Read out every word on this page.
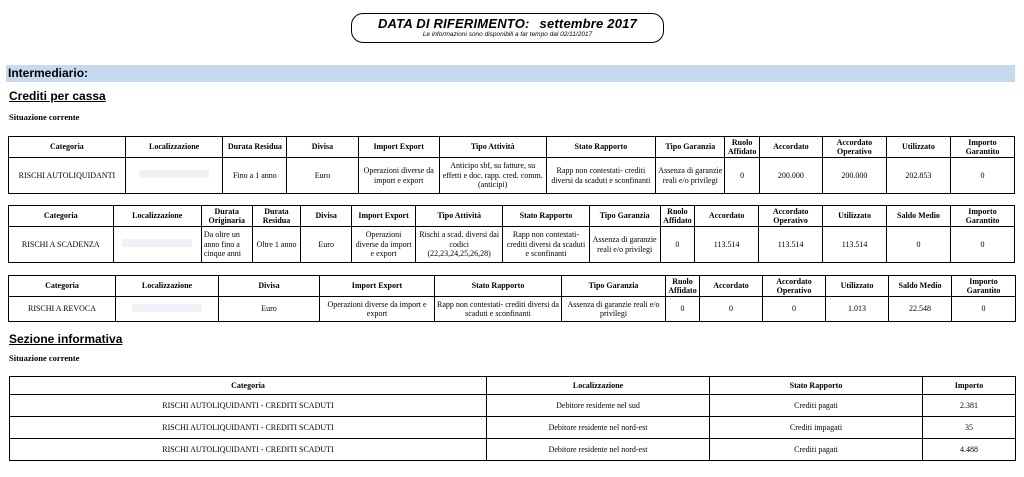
DATA DI RIFERIMENTO: settembre 2017
Le informazioni sono disponibili a far tempo dal 02/11/2017
Intermediario:
Crediti per cassa
Situazione corrente
Categoria	Localizzazione	Durata Residua	Divisa	Import Export	Tipo Attività	Stato Rapporto	Tipo Garanzia	Ruolo Affidato	Accordato	Accordato Operativo	Utilizzato	Importo Garantito
RISCHI AUTOLIQUIDANTI		Fino a 1 anno	Euro	Operazioni diverse da import e export	Anticipo sbf, su fatture, su effetti e doc. rapp. cred. comm. (anticipi)	Rapp non contestati- crediti diversi da scaduti e sconfinanti	Assenza di garanzie reali e/o privilegi	0	200.000	200.000	202.853	0
Categoria	Localizzazione	Durata Originaria	Durata Residua	Divisa	Import Export	Tipo Attività	Stato Rapporto	Tipo Garanzia	Ruolo Affidato	Accordato	Accordato Operativo	Utilizzato	Saldo Medio	Importo Garantito
RISCHI A SCADENZA		Da oltre un anno fino a cinque anni	Oltre 1 anno	Euro	Operazioni diverse da import e export	Rischi a scad. diversi dai codici (22,23,24,25,26,28)	Rapp non contestati- crediti diversi da scaduti e sconfinanti	Assenza di garanzie reali e/o privilegi	0	113.514	113.514	113.514	0	0
Categoria	Localizzazione	Divisa	Import Export	Stato Rapporto	Tipo Garanzia	Ruolo Affidato	Accordato	Accordato Operativo	Utilizzato	Saldo Medio	Importo Garantito
RISCHI A REVOCA		Euro	Operazioni diverse da import e export	Rapp non contestati- crediti diversi da scaduti e sconfinanti	Assenza di garanzie reali e/o privilegi	0	0	0	1.013	22.548	0
Sezione informativa
Situazione corrente
Categoria	Localizzazione	Stato Rapporto	Importo
RISCHI AUTOLIQUIDANTI - CREDITI SCADUTI	Debitore residente nel sud	Crediti pagati	2.381
RISCHI AUTOLIQUIDANTI - CREDITI SCADUTI	Debitore residente nel nord-est	Crediti impagati	35
RISCHI AUTOLIQUIDANTI - CREDITI SCADUTI	Debitore residente nel nord-est	Crediti pagati	4.488
